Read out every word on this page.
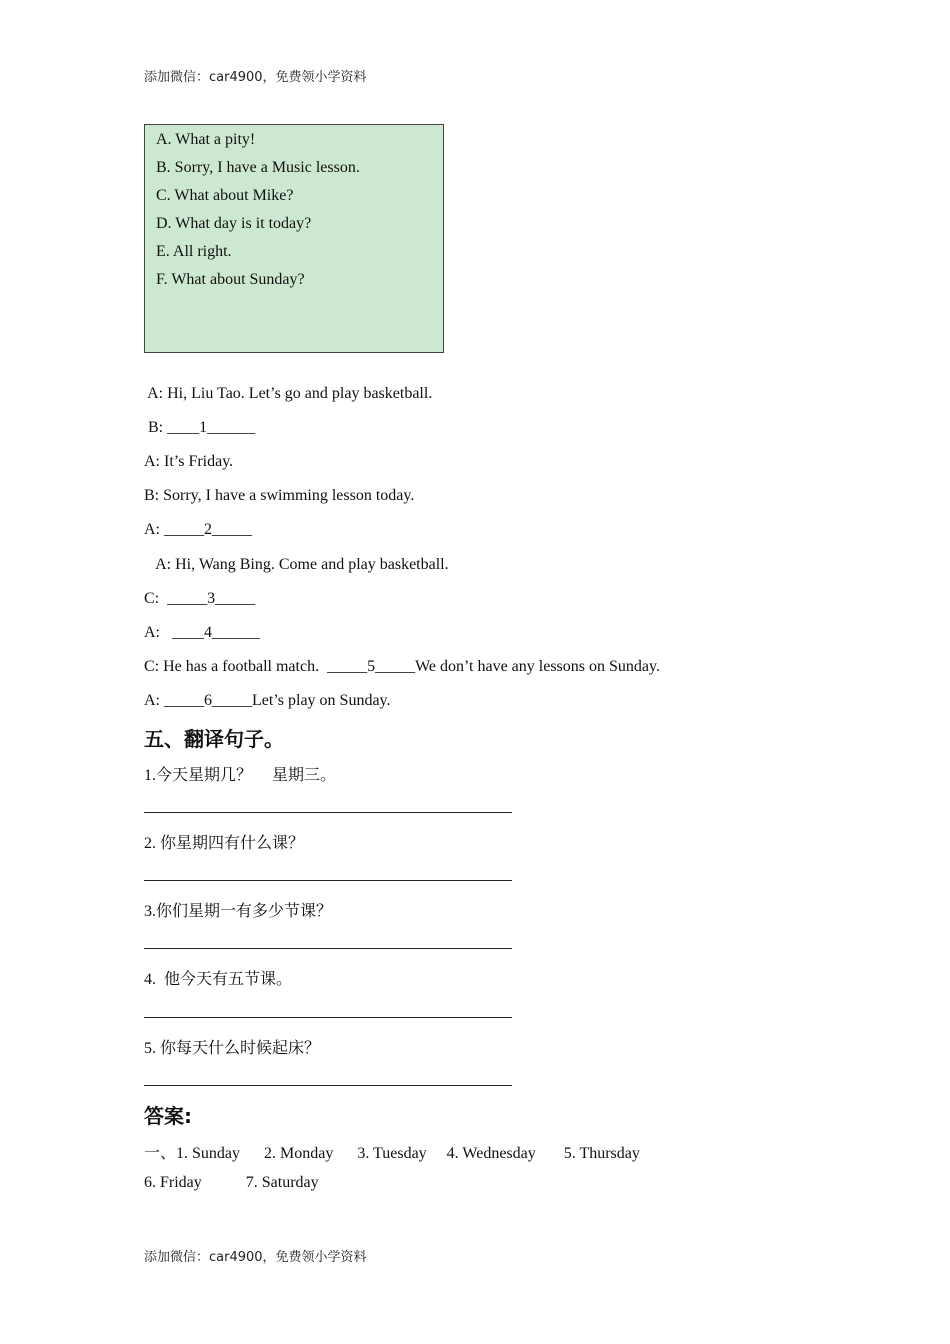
添加微信：car4900，免费领小学资料
A. What a pity!
B. Sorry, I have a Music lesson.
C. What about Mike?
D. What day is it today?
E. All right.
F. What about Sunday?
A: Hi, Liu Tao. Let’s go and play basketball.
B: ____1______
A: It’s Friday.
B: Sorry, I have a swimming lesson today.
A: _____2_____
A: Hi, Wang Bing. Come and play basketball.
C:  _____3_____
A:   ____4______
C: He has a football match.  _____5_____We don’t have any lessons on Sunday.
A: _____6_____Let’s play on Sunday.
五、翻译句子。
1.今天星期几？     星期三。
2. 你星期四有什么课？
3.你们星期一有多少节课？
4.  他今天有五节课。
5. 你每天什么时候起床？
答案:
一、1. Sunday      2. Monday      3. Tuesday     4. Wednesday       5. Thursday
6. Friday           7. Saturday
添加微信：car4900，免费领小学资料
